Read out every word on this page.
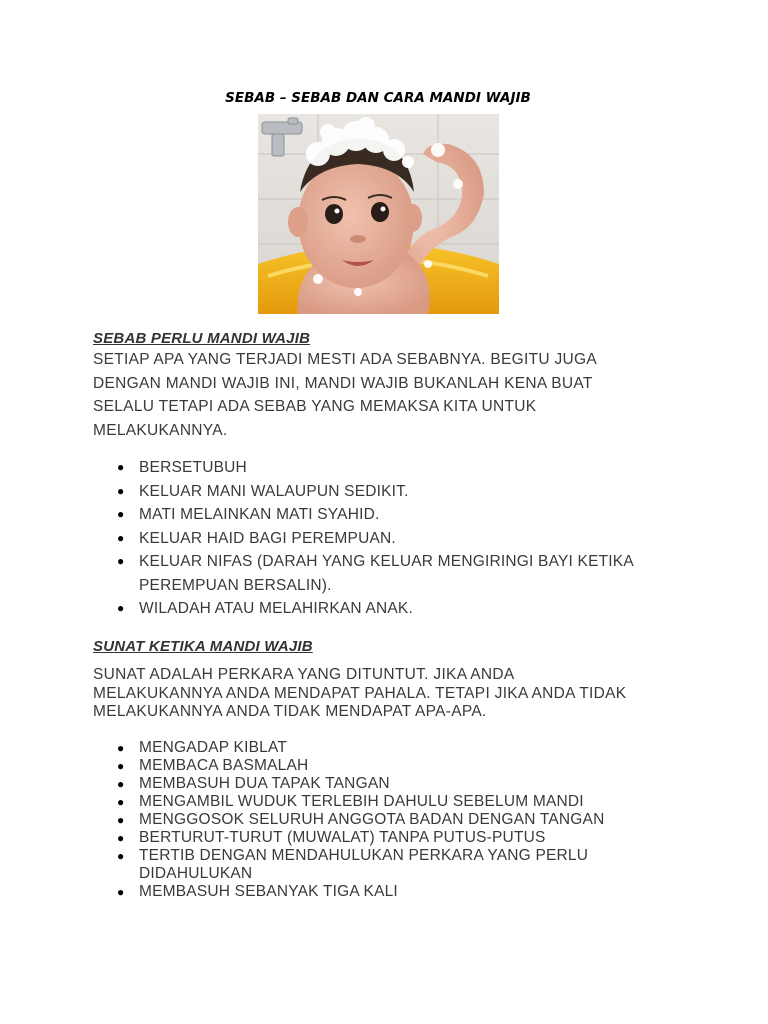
SEBAB – SEBAB DAN CARA MANDI WAJIB
SEBAB PERLU MANDI WAJIB
SETIAP APA YANG TERJADI MESTI ADA SEBABNYA. BEGITU JUGA
DENGAN MANDI WAJIB INI, MANDI WAJIB BUKANLAH KENA BUAT
SELALU TETAPI ADA SEBAB YANG MEMAKSA KITA UNTUK
MELAKUKANNYA.
● BERSETUBUH
● KELUAR MANI WALAUPUN SEDIKIT.
● MATI MELAINKAN MATI SYAHID.
● KELUAR HAID BAGI PEREMPUAN.
● KELUAR NIFAS (DARAH YANG KELUAR MENGIRINGI BAYI KETIKA
PEREMPUAN BERSALIN).
● WILADAH ATAU MELAHIRKAN ANAK.
SUNAT KETIKA MANDI WAJIB
SUNAT ADALAH PERKARA YANG DITUNTUT. JIKA ANDA
MELAKUKANNYA ANDA MENDAPAT PAHALA. TETAPI JIKA ANDA TIDAK
MELAKUKANNYA ANDA TIDAK MENDAPAT APA-APA.
● MENGADAP KIBLAT
● MEMBACA BASMALAH
● MEMBASUH DUA TAPAK TANGAN
● MENGAMBIL WUDUK TERLEBIH DAHULU SEBELUM MANDI
● MENGGOSOK SELURUH ANGGOTA BADAN DENGAN TANGAN
● BERTURUT-TURUT (MUWALAT) TANPA PUTUS-PUTUS
● TERTIB DENGAN MENDAHULUKAN PERKARA YANG PERLU
DIDAHULUKAN
● MEMBASUH SEBANYAK TIGA KALI
